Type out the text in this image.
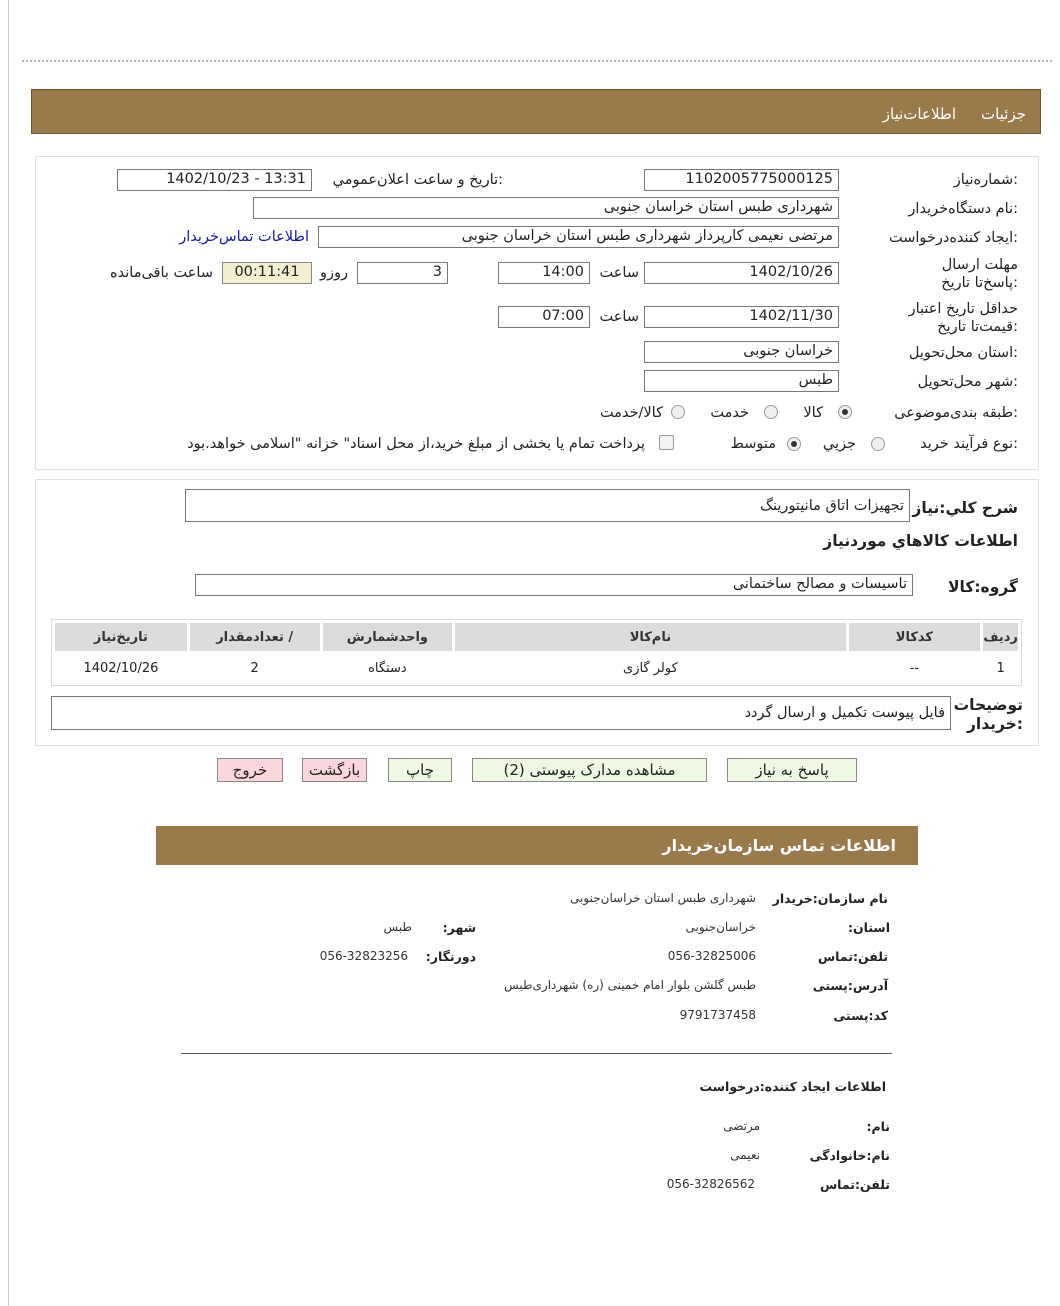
جزئیات
اطلاعات‌نیاز
شماره‌نیاز:
1102005775000125
تاریخ و ساعت اعلان‌عمومي:
1402/10/23 - 13:31
نام دستگاه‌خریدار:
شهرداری طبس استان خراسان جنوبی
ایجاد کننده‌درخواست:
مرتضی نعیمی کارپرداز شهرداری طبس استان خراسان جنوبی
اطلاعات تماس‌خریدار
مهلت ارسال پاسخ‌تا تاریخ:
1402/10/26
ساعت
14:00
3
روزو
00:11:41
ساعت باقی‌مانده
حداقل تاریخ اعتبار قیمت‌تا تاریخ:
1402/11/30
ساعت
07:00
استان محل‌تحویل:
خراسان جنوبی
شهر محل‌تحویل:
طبس
طبقه بندی‌موضوعی:
کالا
خدمت
کالا‌/خدمت
نوع فرآیند‌ خرید:
جزیي
متوسط
پرداخت تمام یا بخشی از مبلغ خرید،از محل اسناد" خزانه "اسلامی خواهد.بود
شرح کلي:نیاز
تجهیزات اتاق مانیتورینگ
اطلاعات کالاهاي موردنیاز
گروه:کالا
تاسیسات و مصالح ساختمانی
ردیف	کدکالا	نام‌کالا	واحدشمارش	/ تعدادمقدار	تاریخ‌نیاز
1	--	کولر گازی	دستگاه	2	1402/10/26
توضیحات خریدار:
فایل پیوست تکمیل و ارسال گردد
پاسخ به نیاز
مشاهده مدارک پیوستی (2)
چاپ
بازگشت
خروج
اطلاعات تماس سازمان‌خریدار
نام سازمان:خریدار
شهرداری طبس استان خراسان‌جنوبی
:استان
خراسان‌جنوبی
:شهر
طبس
تلفن:تماس
056-32825006
:دورنگار
056-32823256
آدرس:پستی
طبس گلشن بلوار امام خمینی (ره) شهرداری‌طبس
کد:پستی
9791737458
اطلاعات ایجاد کننده:درخواست
:نام
مرتضی
نام:خانوادگی
نعیمی
تلفن:تماس
056-32826562
